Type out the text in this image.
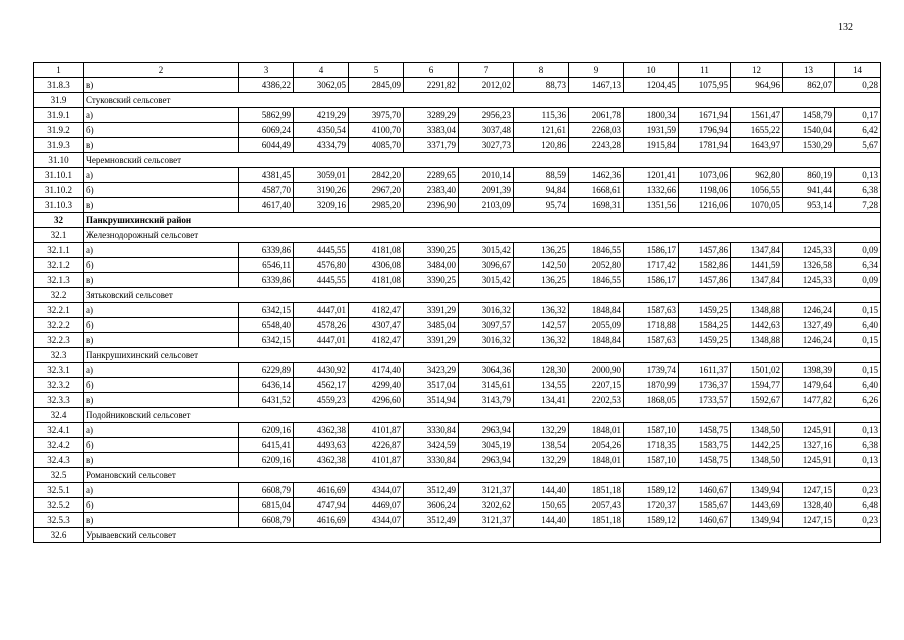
132
1	2	3	4	5	6	7	8	9	10	11	12	13	14
31.8.3	в)	4386,22	3062,05	2845,09	2291,82	2012,02	88,73	1467,13	1204,45	1075,95	964,96	862,07	0,28
31.9	Стуковский сельсовет												
31.9.1	а)	5862,99	4219,29	3975,70	3289,29	2956,23	115,36	2061,78	1800,34	1671,94	1561,47	1458,79	0,17
31.9.2	б)	6069,24	4350,54	4100,70	3383,04	3037,48	121,61	2268,03	1931,59	1796,94	1655,22	1540,04	6,42
31.9.3	в)	6044,49	4334,79	4085,70	3371,79	3027,73	120,86	2243,28	1915,84	1781,94	1643,97	1530,29	5,67
31.10	Черемновский сельсовет												
31.10.1	а)	4381,45	3059,01	2842,20	2289,65	2010,14	88,59	1462,36	1201,41	1073,06	962,80	860,19	0,13
31.10.2	б)	4587,70	3190,26	2967,20	2383,40	2091,39	94,84	1668,61	1332,66	1198,06	1056,55	941,44	6,38
31.10.3	в)	4617,40	3209,16	2985,20	2396,90	2103,09	95,74	1698,31	1351,56	1216,06	1070,05	953,14	7,28
32	Панкрушихинский район												
32.1	Железнодорожный сельсовет												
32.1.1	а)	6339,86	4445,55	4181,08	3390,25	3015,42	136,25	1846,55	1586,17	1457,86	1347,84	1245,33	0,09
32.1.2	б)	6546,11	4576,80	4306,08	3484,00	3096,67	142,50	2052,80	1717,42	1582,86	1441,59	1326,58	6,34
32.1.3	в)	6339,86	4445,55	4181,08	3390,25	3015,42	136,25	1846,55	1586,17	1457,86	1347,84	1245,33	0,09
32.2	Зятьковский сельсовет												
32.2.1	а)	6342,15	4447,01	4182,47	3391,29	3016,32	136,32	1848,84	1587,63	1459,25	1348,88	1246,24	0,15
32.2.2	б)	6548,40	4578,26	4307,47	3485,04	3097,57	142,57	2055,09	1718,88	1584,25	1442,63	1327,49	6,40
32.2.3	в)	6342,15	4447,01	4182,47	3391,29	3016,32	136,32	1848,84	1587,63	1459,25	1348,88	1246,24	0,15
32.3	Панкрушихинский сельсовет												
32.3.1	а)	6229,89	4430,92	4174,40	3423,29	3064,36	128,30	2000,90	1739,74	1611,37	1501,02	1398,39	0,15
32.3.2	б)	6436,14	4562,17	4299,40	3517,04	3145,61	134,55	2207,15	1870,99	1736,37	1594,77	1479,64	6,40
32.3.3	в)	6431,52	4559,23	4296,60	3514,94	3143,79	134,41	2202,53	1868,05	1733,57	1592,67	1477,82	6,26
32.4	Подойниковский сельсовет												
32.4.1	а)	6209,16	4362,38	4101,87	3330,84	2963,94	132,29	1848,01	1587,10	1458,75	1348,50	1245,91	0,13
32.4.2	б)	6415,41	4493,63	4226,87	3424,59	3045,19	138,54	2054,26	1718,35	1583,75	1442,25	1327,16	6,38
32.4.3	в)	6209,16	4362,38	4101,87	3330,84	2963,94	132,29	1848,01	1587,10	1458,75	1348,50	1245,91	0,13
32.5	Романовский сельсовет												
32.5.1	а)	6608,79	4616,69	4344,07	3512,49	3121,37	144,40	1851,18	1589,12	1460,67	1349,94	1247,15	0,23
32.5.2	б)	6815,04	4747,94	4469,07	3606,24	3202,62	150,65	2057,43	1720,37	1585,67	1443,69	1328,40	6,48
32.5.3	в)	6608,79	4616,69	4344,07	3512,49	3121,37	144,40	1851,18	1589,12	1460,67	1349,94	1247,15	0,23
32.6	Урываевский сельсовет												
